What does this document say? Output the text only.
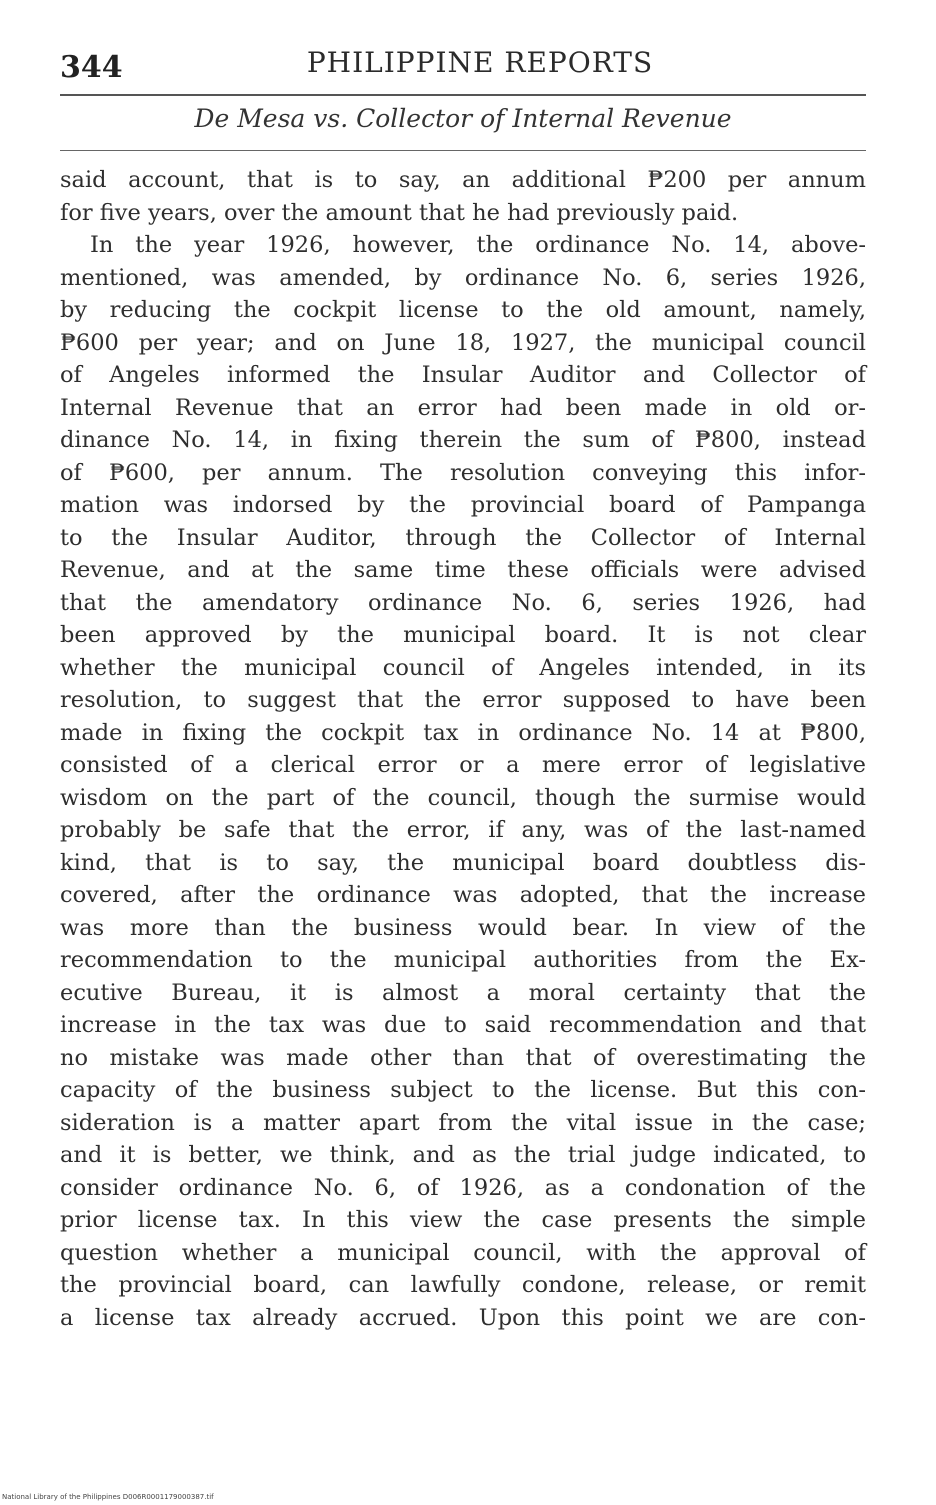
344	PHILIPPINE REPORTS
De Mesa vs. Collector of Internal Revenue
said account, that is to say, an additional ₱200 per annum
for five years, over the amount that he had previously paid.
In the year 1926, however, the ordinance No. 14, above-
mentioned, was amended, by ordinance No. 6, series 1926,
by reducing the cockpit license to the old amount, namely,
₱600 per year; and on June 18, 1927, the municipal council
of Angeles informed the Insular Auditor and Collector of
Internal Revenue that an error had been made in old or-
dinance No. 14, in fixing therein the sum of ₱800, instead
of ₱600, per annum. The resolution conveying this infor-
mation was indorsed by the provincial board of Pampanga
to the Insular Auditor, through the Collector of Internal
Revenue, and at the same time these officials were advised
that the amendatory ordinance No. 6, series 1926, had
been approved by the municipal board. It is not clear
whether the municipal council of Angeles intended, in its
resolution, to suggest that the error supposed to have been
made in fixing the cockpit tax in ordinance No. 14 at ₱800,
consisted of a clerical error or a mere error of legislative
wisdom on the part of the council, though the surmise would
probably be safe that the error, if any, was of the last-named
kind, that is to say, the municipal board doubtless dis-
covered, after the ordinance was adopted, that the increase
was more than the business would bear. In view of the
recommendation to the municipal authorities from the Ex-
ecutive Bureau, it is almost a moral certainty that the
increase in the tax was due to said recommendation and that
no mistake was made other than that of overestimating the
capacity of the business subject to the license. But this con-
sideration is a matter apart from the vital issue in the case;
and it is better, we think, and as the trial judge indicated, to
consider ordinance No. 6, of 1926, as a condonation of the
prior license tax. In this view the case presents the simple
question whether a municipal council, with the approval of
the provincial board, can lawfully condone, release, or remit
a license tax already accrued. Upon this point we are con-
National Library of the Philippines D006R0001179000387.tif
